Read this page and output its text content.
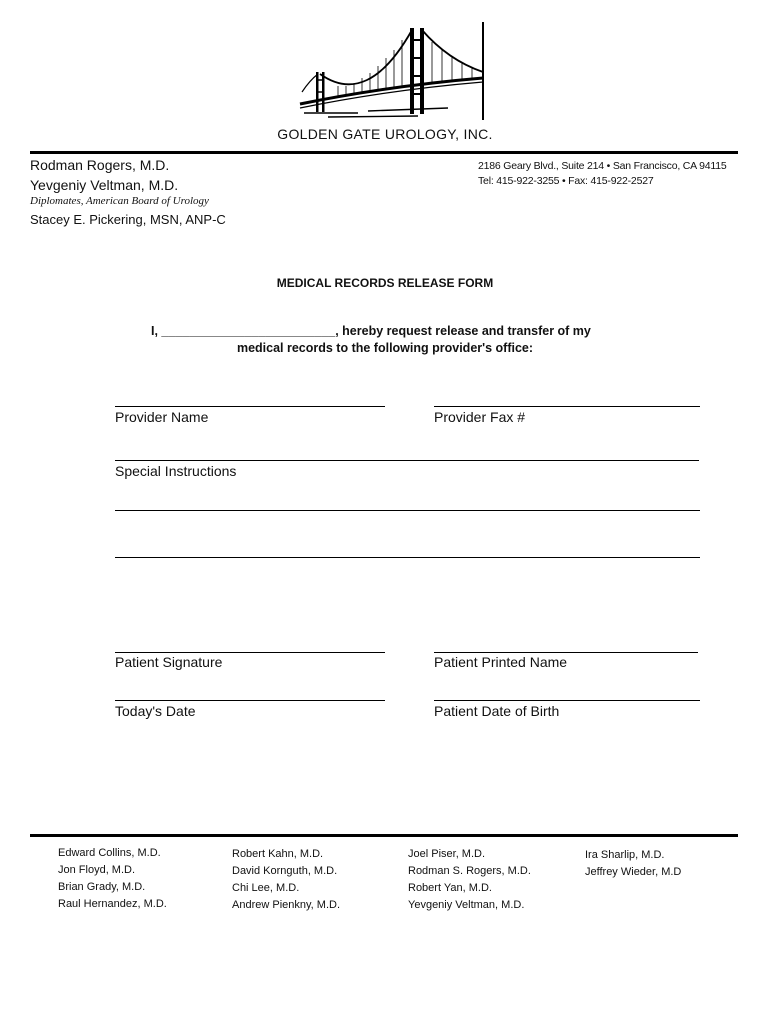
GOLDEN GATE UROLOGY, INC.
Rodman Rogers, M.D.
Yevgeniy Veltman, M.D.
Diplomates, American Board of Urology
Stacey E. Pickering, MSN, ANP-C
2186 Geary Blvd., Suite 214 • San Francisco, CA 94115
Tel: 415-922-3255 • Fax: 415-922-2527
MEDICAL RECORDS RELEASE FORM
I, _________________________, hereby request release and transfer of my
medical records to the following provider's office:
Provider Name	Provider Fax #
Special Instructions
Patient Signature	Patient Printed Name
Today's Date	Patient Date of Birth
Edward Collins, M.D.
Jon Floyd, M.D.
Brian Grady, M.D.
Raul Hernandez, M.D.
Robert Kahn, M.D.
David Kornguth, M.D.
Chi Lee, M.D.
Andrew Pienkny, M.D.
Joel Piser, M.D.
Rodman S. Rogers, M.D.
Robert Yan, M.D.
Yevgeniy Veltman, M.D.
Ira Sharlip, M.D.
Jeffrey Wieder, M.D
